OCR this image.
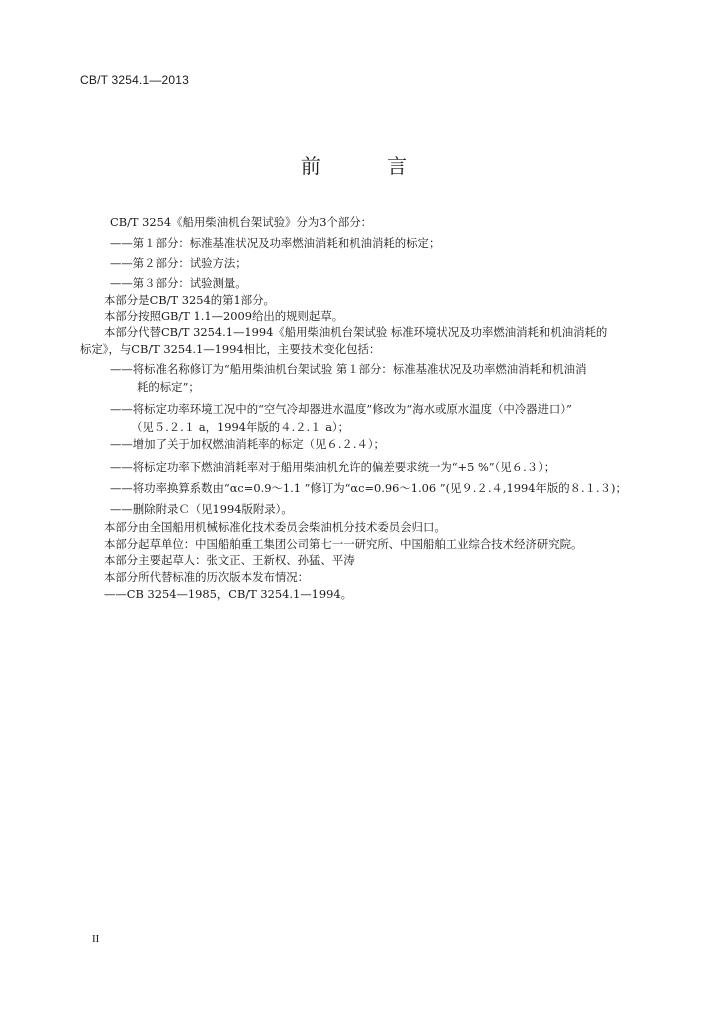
CB/T 3254.1—2013
前 言
CB/T 3254《船用柴油机台架试验》分为3个部分：
——第１部分：标准基准状况及功率燃油消耗和机油消耗的标定；
——第２部分：试验方法；
——第３部分：试验测量。
本部分是CB/T 3254的第1部分。
本部分按照GB/T 1.1—2009给出的规则起草。
本部分代替CB/T 3254.1—1994《船用柴油机台架试验 标准环境状况及功率燃油消耗和机油消耗的
标定》，与CB/T 3254.1—1994相比，主要技术变化包括：
——将标准名称修订为“船用柴油机台架试验 第１部分：标准基准状况及功率燃油消耗和机油消
耗的标定”；
——将标定功率环境工况中的“空气冷却器进水温度”修改为“海水或原水温度（中冷器进口）”
（见５.２.１ a，1994年版的４.２.１ a）；
——增加了关于加权燃油消耗率的标定（见６.２.４）；
——将标定功率下燃油消耗率对于船用柴油机允许的偏差要求统一为“+5 %”（见６.３）；
——将功率换算系数由“αc=0.9～1.1 ”修订为“αc=0.96～1.06 ”(见９.２.４,1994年版的８.１.３)；
——删除附录Ｃ（见1994版附录）。
本部分由全国船用机械标准化技术委员会柴油机分技术委员会归口。
本部分起草单位：中国船舶重工集团公司第七一一研究所、中国船舶工业综合技术经济研究院。
本部分主要起草人：张文正、王新权、孙猛、平涛
本部分所代替标准的历次版本发布情况：
——CB 3254—1985，CB/T 3254.1—1994。
II
